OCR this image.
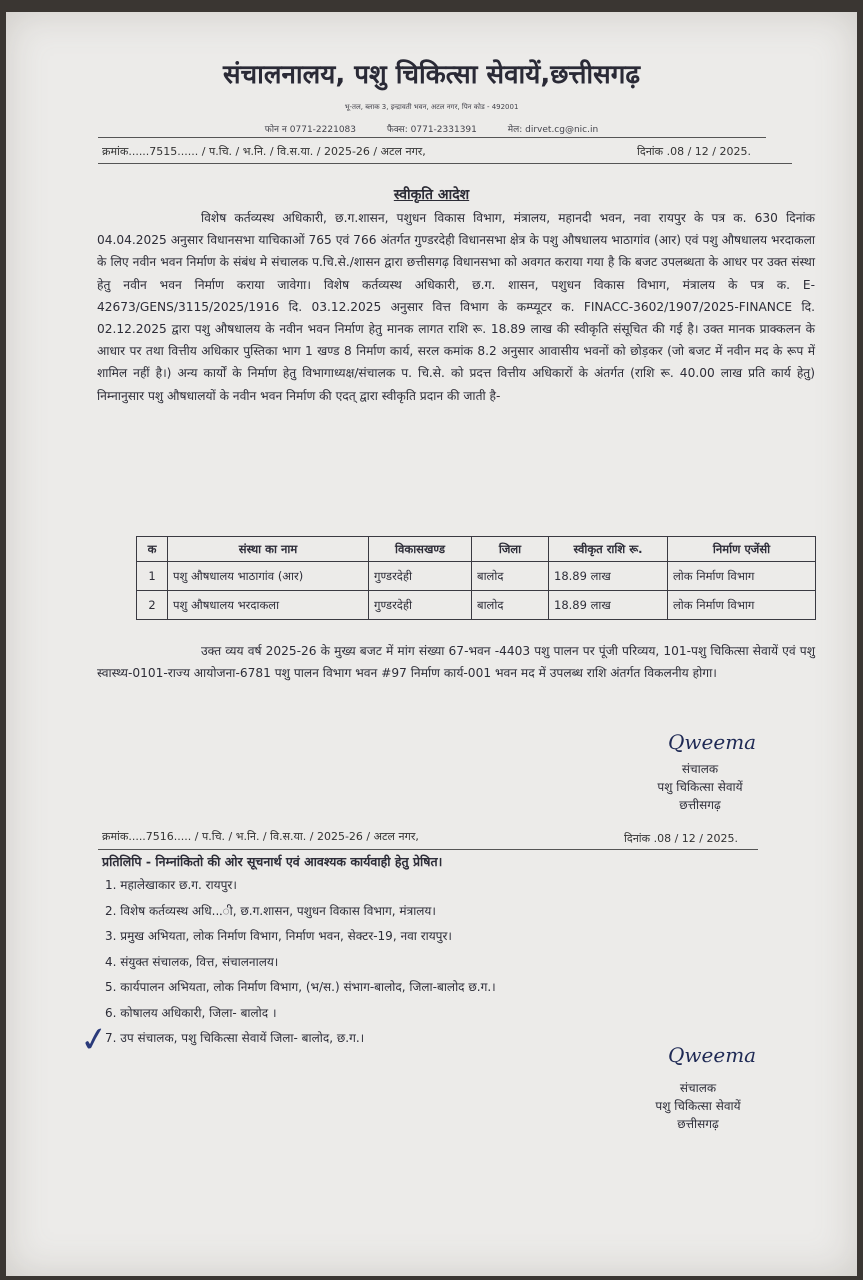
संचालनालय, पशु चिकित्सा सेवायें,छत्तीसगढ़
भू-तल, ब्लाक 3, इन्द्रावती भवन, अटल नगर, पिन कोड - 492001
फोन न 0771-2221083	फैक्स: 0771-2331391	मेल: dirvet.cg@nic.in
क्रमांक......7515...... / प.चि. / भ.नि. / वि.स.या. / 2025-26 / अटल नगर,	दिनांक .08 / 12 / 2025.
स्वीकृति आदेश

विशेष कर्तव्यस्थ अधिकारी, छ.ग.शासन, पशुधन विकास विभाग, मंत्रालय, महानदी भवन, नवा रायपुर के पत्र क. 630 दिनांक 04.04.2025 अनुसार विधानसभा याचिकाओं 765 एवं 766 अंतर्गत गुण्डरदेही विधानसभा क्षेत्र के पशु औषधालय भाठागांव (आर) एवं पशु औषधालय भरदाकला के लिए नवीन भवन निर्माण के संबंध मे संचालक प.चि.से./शासन द्वारा छत्तीसगढ़ विधानसभा को अवगत कराया गया है कि बजट उपलब्धता के आधर पर उक्त संस्था हेतु नवीन भवन निर्माण कराया जावेगा। विशेष कर्तव्यस्थ अधिकारी, छ.ग. शासन, पशुधन विकास विभाग, मंत्रालय के पत्र क. E-42673/GENS/3115/2025/1916 दि. 03.12.2025 अनुसार वित्त विभाग के कम्प्यूटर क. FINACC-3602/1907/2025-FINANCE दि. 02.12.2025 द्वारा पशु औषधालय के नवीन भवन निर्माण हेतु मानक लागत राशि रू. 18.89 लाख की स्वीकृति संसूचित की गई है। उक्त मानक प्राक्कलन के आधार पर तथा वित्तीय अधिकार पुस्तिका भाग 1 खण्ड 8 निर्माण कार्य, सरल कमांक 8.2 अनुसार आवासीय भवनों को छोड़कर (जो बजट में नवीन मद के रूप में शामिल नहीं है।) अन्य कार्यों के निर्माण हेतु विभागाध्यक्ष/संचालक प. चि.से. को प्रदत्त वित्तीय अधिकारों के अंतर्गत (राशि रू. 40.00 लाख प्रति कार्य हेतु) निम्नानुसार पशु औषधालयों के नवीन भवन निर्माण की एदत् द्वारा स्वीकृति प्रदान की जाती है-

क	संस्था का नाम	विकासखण्ड	जिला	स्वीकृत राशि रू.	निर्माण एजेंसी
1	पशु औषधालय भाठागांव (आर)	गुण्डरदेही	बालोद	18.89 लाख	लोक निर्माण विभाग
2	पशु औषधालय भरदाकला	गुण्डरदेही	बालोद	18.89 लाख	लोक निर्माण विभाग

उक्त व्यय वर्ष 2025-26 के मुख्य बजट में मांग संख्या 67-भवन -4403 पशु पालन पर पूंजी परिव्यय, 101-पशु चिकित्सा सेवायें एवं पशु स्वास्थ्य-0101-राज्य आयोजना-6781 पशु पालन विभाग भवन #97 निर्माण कार्य-001 भवन मद में उपलब्ध राशि अंतर्गत विकलनीय होगा।

Qweema
संचालक
पशु चिकित्सा सेवायें
छत्तीसगढ़
क्रमांक.....7516..... / प.चि. / भ.नि. / वि.स.या. / 2025-26 / अटल नगर,	दिनांक .08 / 12 / 2025.
प्रतिलिपि - निम्नांकितो की ओर सूचनार्थ एवं आवश्यक कार्यवाही हेतु प्रेषित।
1. महालेखाकार छ.ग. रायपुर।
2. विशेष कर्तव्यस्थ अधि...ी, छ.ग.शासन, पशुधन विकास विभाग, मंत्रालय।
3. प्रमुख अभियता, लोक निर्माण विभाग, निर्माण भवन, सेक्टर-19, नवा रायपुर।
4. संयुक्त संचालक, वित्त, संचालनालय।
5. कार्यपालन अभियता, लोक निर्माण विभाग, (भ/स.) संभाग-बालोद, जिला-बालोद छ.ग.।
6. कोषालय अधिकारी, जिला- बालोद ।
7. उप संचालक, पशु चिकित्सा सेवायें जिला- बालोद, छ.ग.।
✓	Qweema
संचालक
पशु चिकित्सा सेवायें
छत्तीसगढ़
